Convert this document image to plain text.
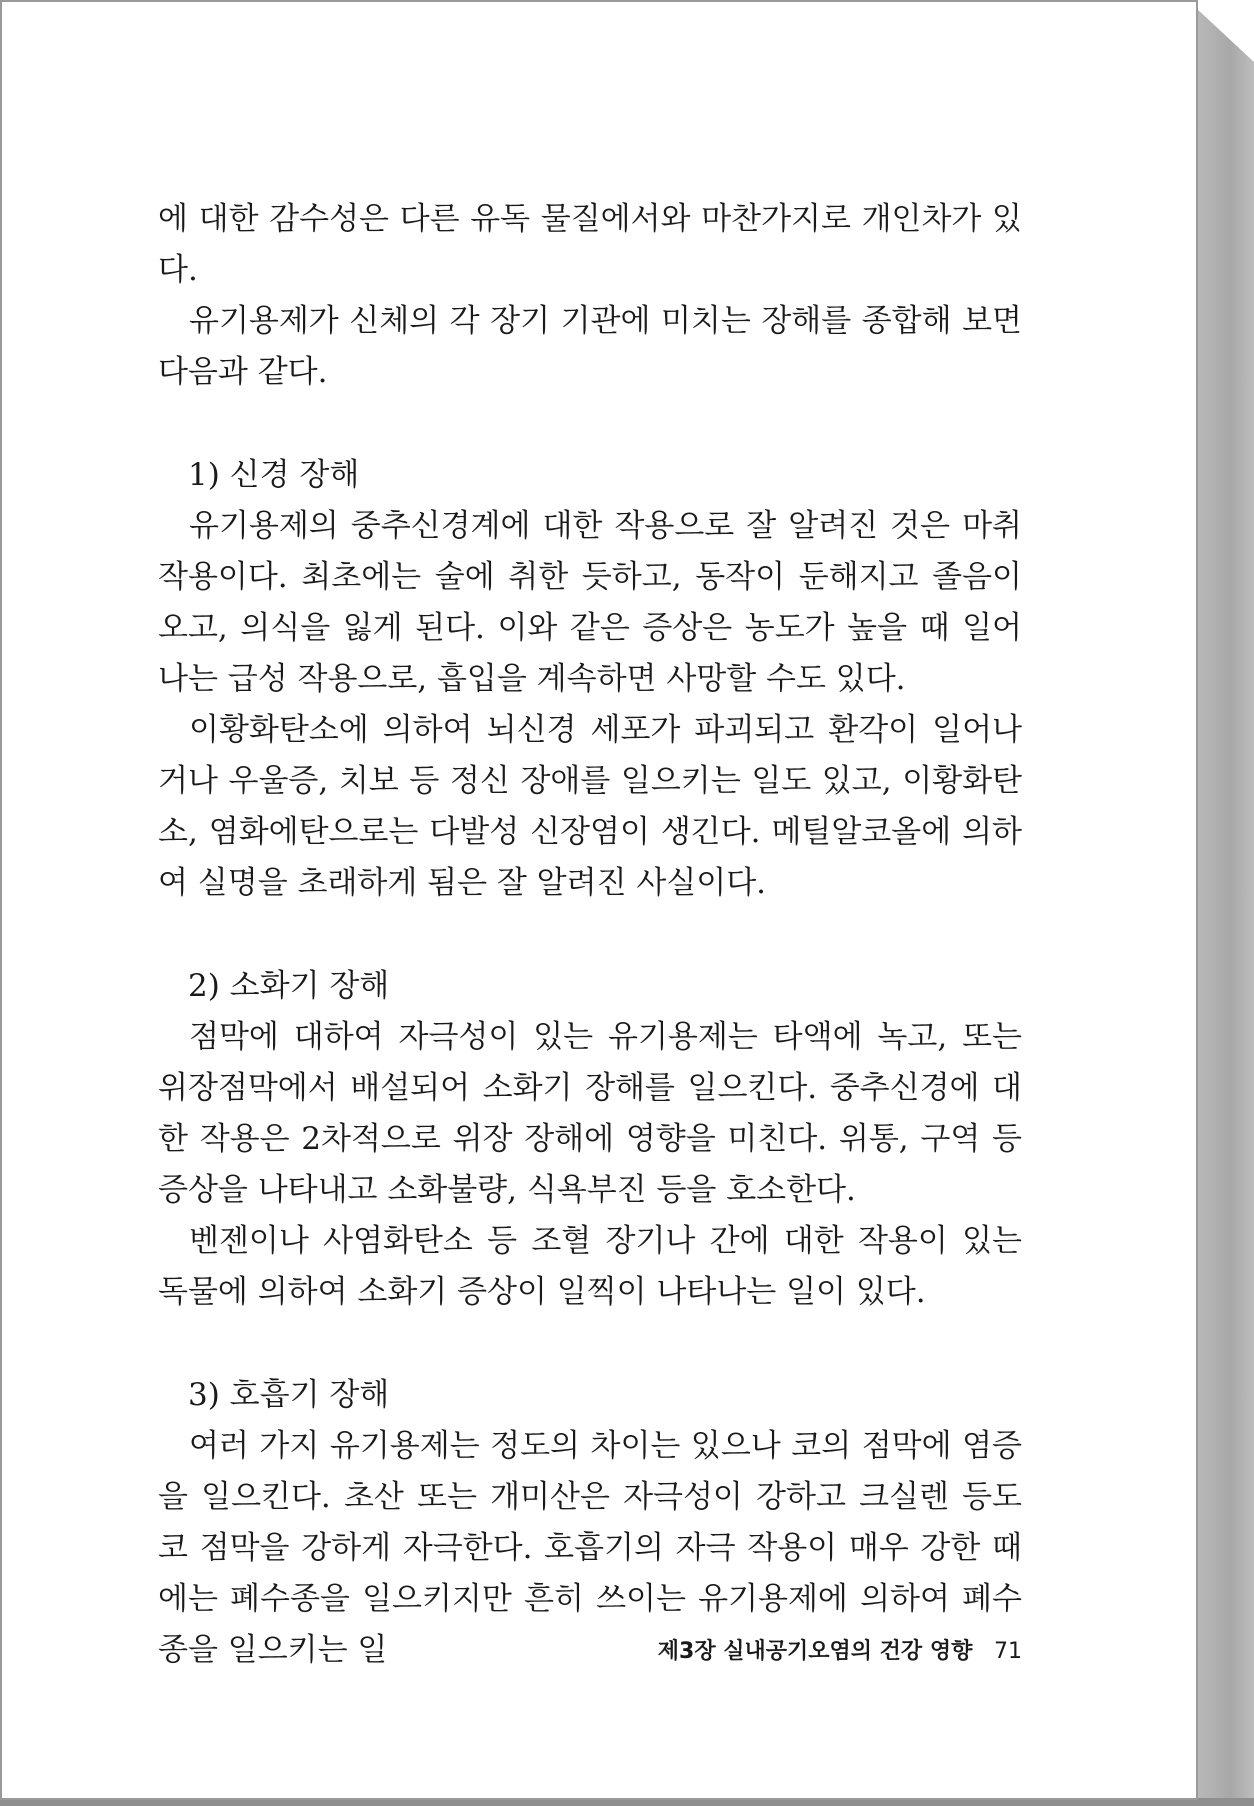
에 대한 감수성은 다른 유독 물질에서와 마찬가지로 개인차가 있다.

유기용제가 신체의 각 장기 기관에 미치는 장해를 종합해 보면 다음과 같다.

1) 신경 장해

유기용제의 중추신경계에 대한 작용으로 잘 알려진 것은 마취 작용이다. 최초에는 술에 취한 듯하고, 동작이 둔해지고 졸음이 오고, 의식을 잃게 된다. 이와 같은 증상은 농도가 높을 때 일어나는 급성 작용으로, 흡입을 계속하면 사망할 수도 있다.

이황화탄소에 의하여 뇌신경 세포가 파괴되고 환각이 일어나거나 우울증, 치보 등 정신 장애를 일으키는 일도 있고, 이황화탄소, 염화에탄으로는 다발성 신장염이 생긴다. 메틸알코올에 의하여 실명을 초래하게 됨은 잘 알려진 사실이다.

2) 소화기 장해

점막에 대하여 자극성이 있는 유기용제는 타액에 녹고, 또는 위장점막에서 배설되어 소화기 장해를 일으킨다. 중추신경에 대한 작용은 2차적으로 위장 장해에 영향을 미친다. 위통, 구역 등 증상을 나타내고 소화불량, 식욕부진 등을 호소한다.

벤젠이나 사염화탄소 등 조혈 장기나 간에 대한 작용이 있는 독물에 의하여 소화기 증상이 일찍이 나타나는 일이 있다.

3) 호흡기 장해

여러 가지 유기용제는 정도의 차이는 있으나 코의 점막에 염증을 일으킨다. 초산 또는 개미산은 자극성이 강하고 크실렌 등도 코 점막을 강하게 자극한다. 호흡기의 자극 작용이 매우 강한 때에는 폐수종을 일으키지만 흔히 쓰이는 유기용제에 의하여 폐수종을 일으키는 일	제3장 실내공기오염의 건강 영향 71
